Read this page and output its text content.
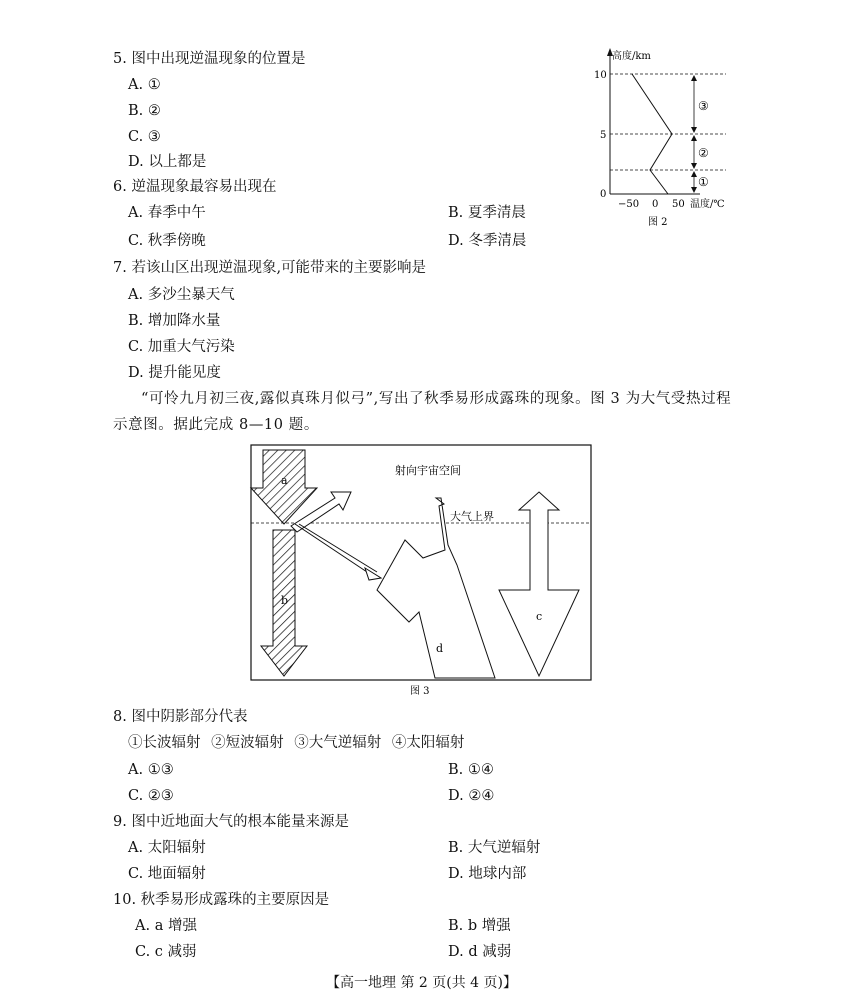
5. 图中出现逆温现象的位置是
A. ①
B. ②
C. ③
D. 以上都是
6. 逆温现象最容易出现在
A. 春季中午	B. 夏季清晨
C. 秋季傍晚	D. 冬季清晨
7. 若该山区出现逆温现象,可能带来的主要影响是
A. 多沙尘暴天气
B. 增加降水量
C. 加重大气污染
D. 提升能见度
“可怜九月初三夜,露似真珠月似弓”,写出了秋季易形成露珠的现象。图 3 为大气受热过程示意图。据此完成 8—10 题。
高度/km
温度/℃
0
5
10
−50 0 50
③
②
①
图 2
射向宇宙空间
大气上界
a
b
d
c
图 3
8. 图中阴影部分代表
①长波辐射 ②短波辐射 ③大气逆辐射 ④太阳辐射
A. ①③	B. ①④
C. ②③	D. ②④
9. 图中近地面大气的根本能量来源是
A. 太阳辐射	B. 大气逆辐射
C. 地面辐射	D. 地球内部
10. 秋季易形成露珠的主要原因是
A. a 增强	B. b 增强
C. c 减弱	D. d 减弱
【高一地理 第 2 页(共 4 页)】
